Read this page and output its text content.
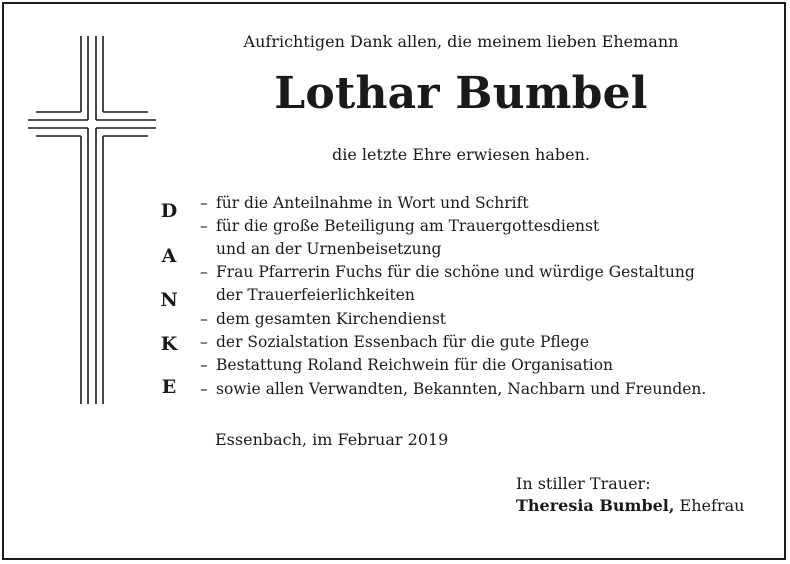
Aufrichtigen Dank allen, die meinem lieben Ehemann
Lothar Bumbel
die letzte Ehre erwiesen haben.
D
A
N
K
E
– für die Anteilnahme in Wort und Schrift
– für die große Beteiligung am Trauergottesdienst
und an der Urnenbeisetzung
– Frau Pfarrerin Fuchs für die schöne und würdige Gestaltung
der Trauerfeierlichkeiten
– dem gesamten Kirchendienst
– der Sozialstation Essenbach für die gute Pflege
– Bestattung Roland Reichwein für die Organisation
– sowie allen Verwandten, Bekannten, Nachbarn und Freunden.
Essenbach, im Februar 2019
In stiller Trauer:
Theresia Bumbel, Ehefrau
